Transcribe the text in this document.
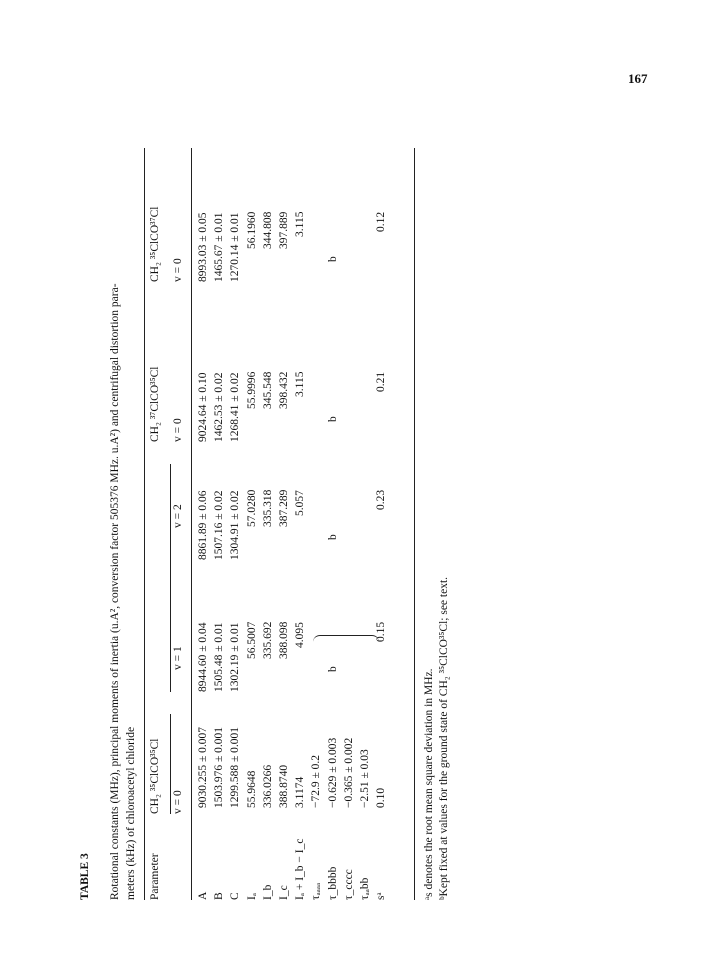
167
TABLE 3 Rotational constants (MHz), principal moments of inertia (u.A², conversion factor 505376 MHz. u.A²) and centrifugal distortion para- meters (kHz) of chloroacetyl chloride Parameter
CH₂ ³⁵ClCO³⁵Cl
CH₂ ³⁷ClCO³⁵Cl
CH₂ ³⁵ClCO³⁷Cl
v = 0
v = 1
v = 2
v = 0
v = 0
A B C Iₐ I_b I_c Iₐ + I_b − I_c τₐₐₐₐ τ_bbbb τ_cccc τₐₐbb sᵃ
9030.255 ± 0.007 1503.976 ± 0.001 1299.588 ± 0.001 55.9648 336.0266 388.8740 3.1174 −72.9 ± 0.2 −0.629 ± 0.003 −0.365 ± 0.002 −2.51 ± 0.03 0.10
8944.60 ± 0.04 1505.48 ± 0.01 1302.19 ± 0.01 56.5007 335.692 388.098 4.095
b
0.15
8861.89 ± 0.06 1507.16 ± 0.02 1304.91 ± 0.02 57.0280 335.318 387.289 5.057
b
0.23
9024.64 ± 0.10 1462.53 ± 0.02 1268.41 ± 0.02 55.9996 345.548 398.432 3.115
b
0.21
8993.03 ± 0.05 1465.67 ± 0.01 1270.14 ± 0.01 56.1960 344.808 397.889 3.115
b
0.12
ᵃs denotes the root mean square deviation in MHz. ᵇKept fixed at values for the ground state of CH₂ ³⁵ClCO³⁵Cl; see text.
